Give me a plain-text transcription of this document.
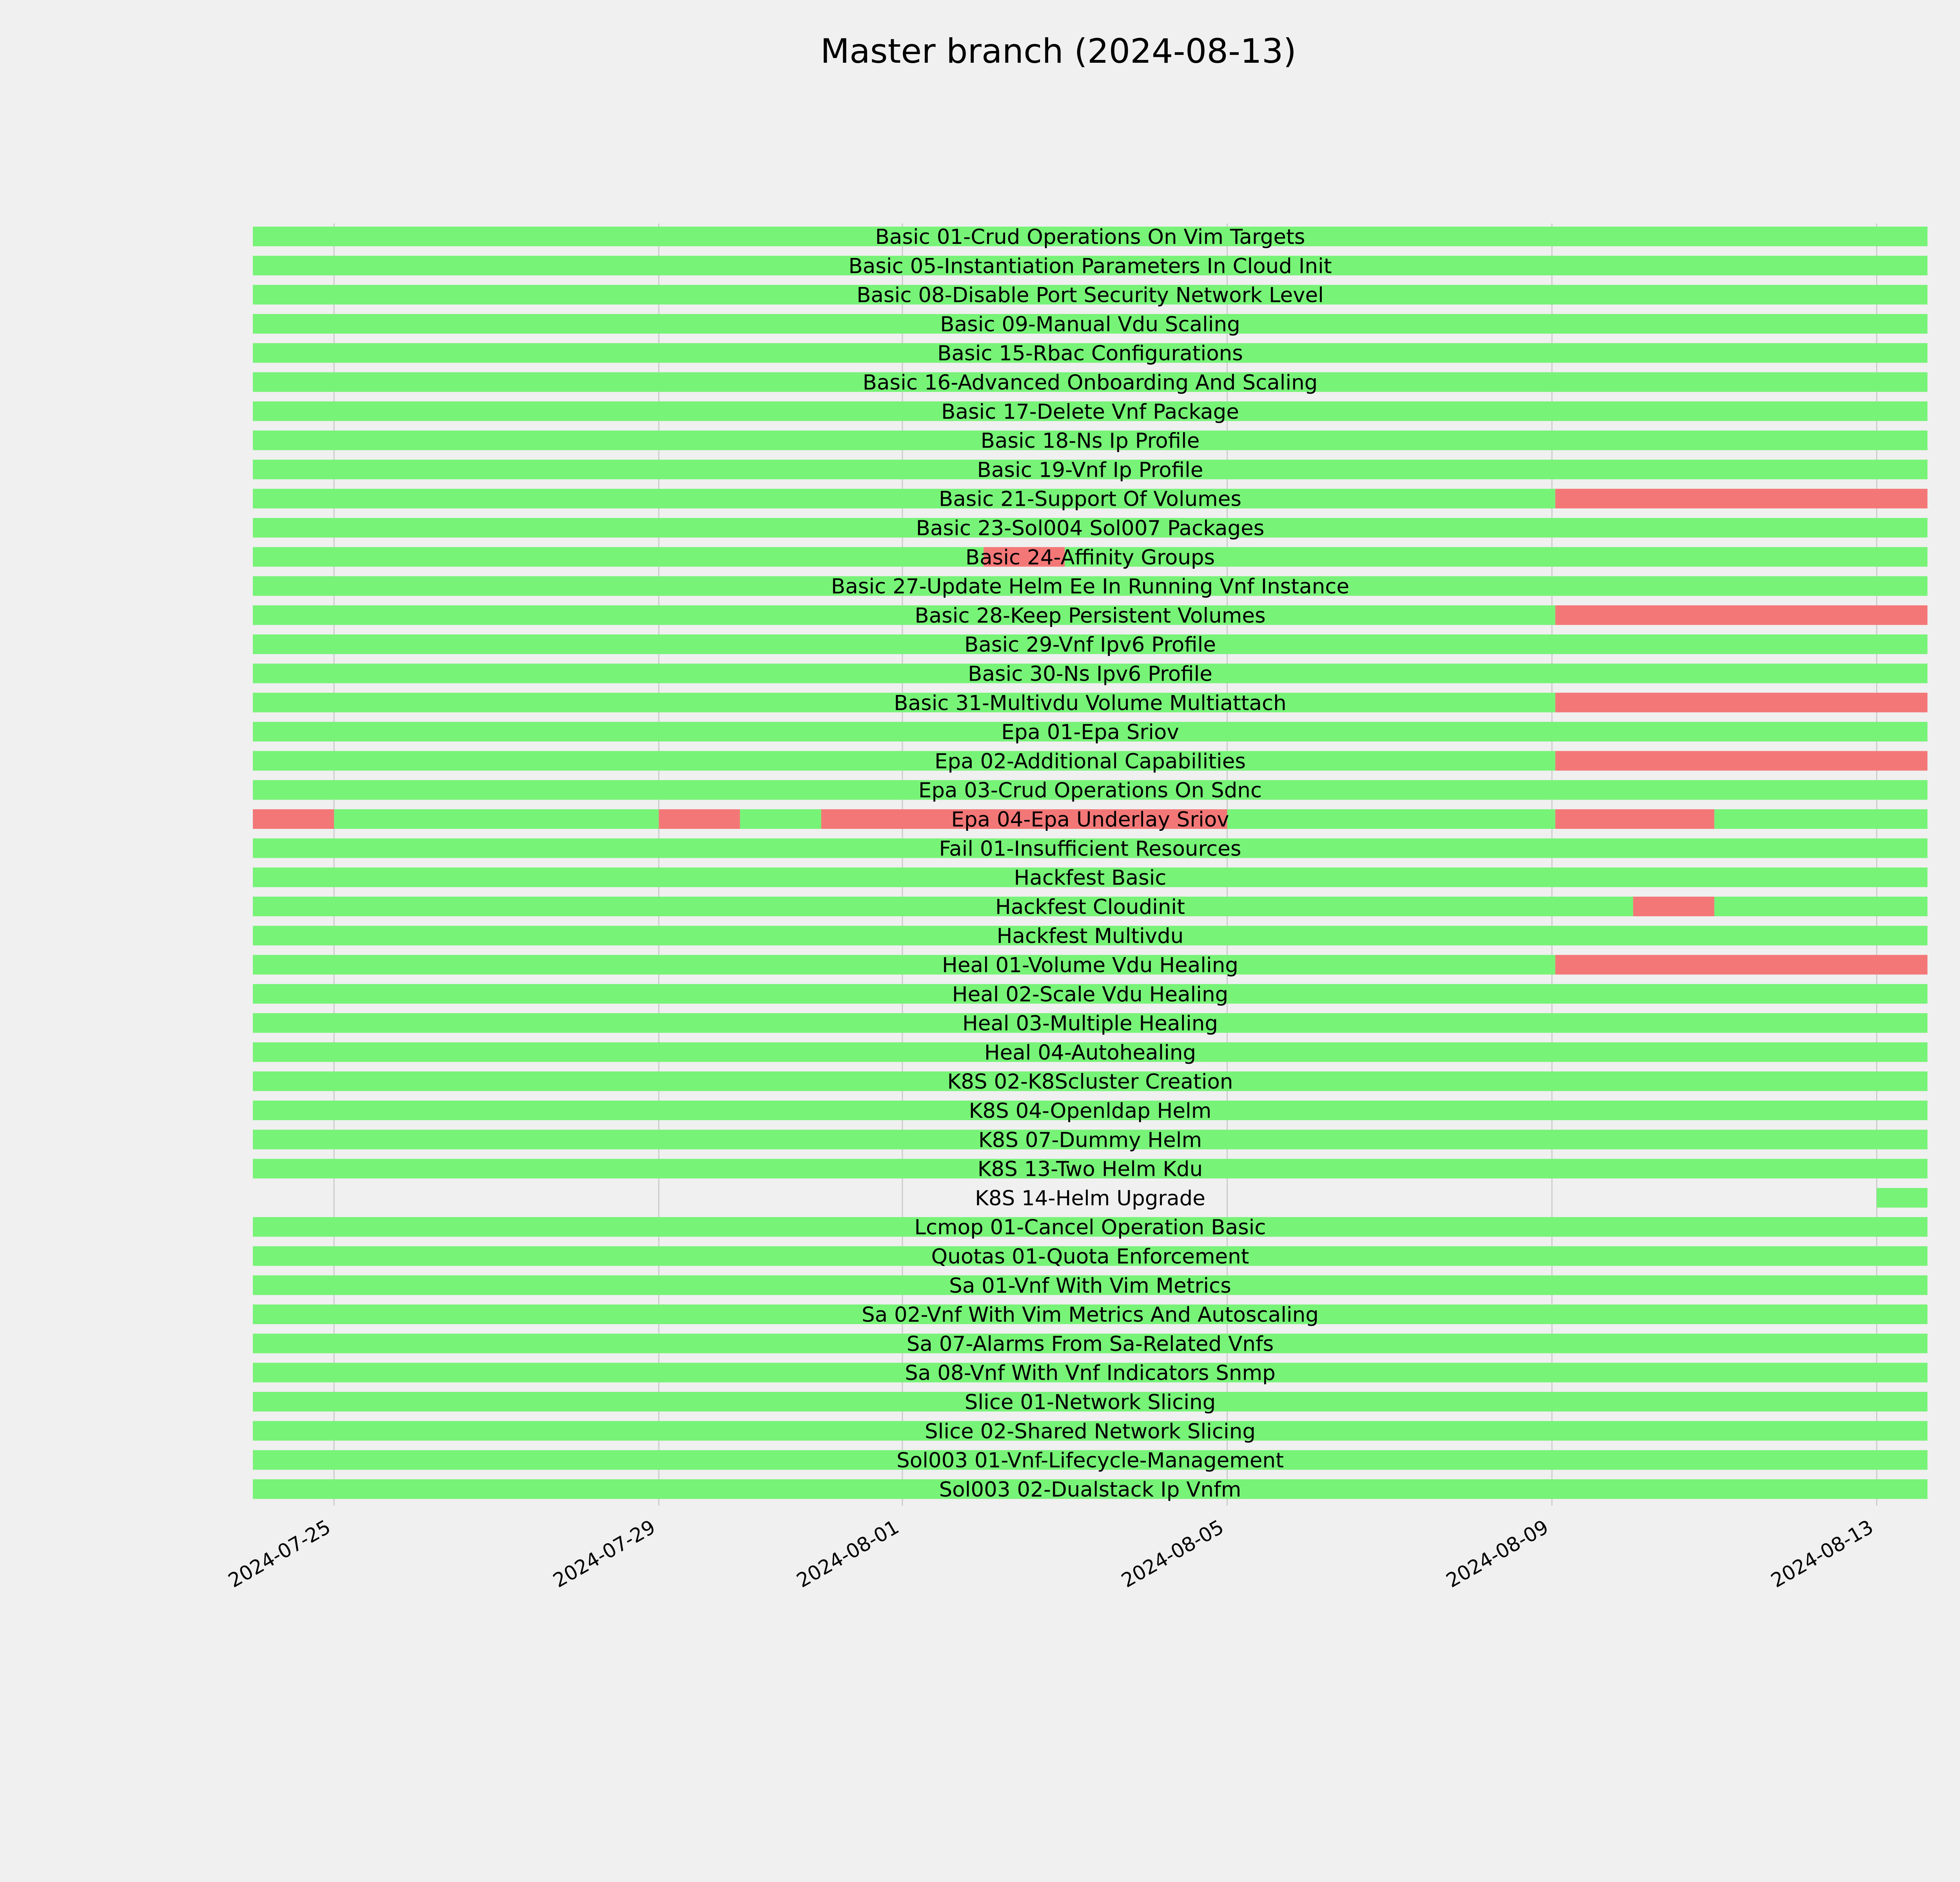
Master branch (2024-08-13)
Basic 01-Crud Operations On Vim Targets
Basic 05-Instantiation Parameters In Cloud Init
Basic 08-Disable Port Security Network Level
Basic 09-Manual Vdu Scaling
Basic 15-Rbac Configurations
Basic 16-Advanced Onboarding And Scaling
Basic 17-Delete Vnf Package
Basic 18-Ns Ip Profile
Basic 19-Vnf Ip Profile
Basic 21-Support Of Volumes
Basic 23-Sol004 Sol007 Packages
Basic 24-Affinity Groups
Basic 27-Update Helm Ee In Running Vnf Instance
Basic 28-Keep Persistent Volumes
Basic 29-Vnf Ipv6 Profile
Basic 30-Ns Ipv6 Profile
Basic 31-Multivdu Volume Multiattach
Epa 01-Epa Sriov
Epa 02-Additional Capabilities
Epa 03-Crud Operations On Sdnc
Epa 04-Epa Underlay Sriov
Fail 01-Insufficient Resources
Hackfest Basic
Hackfest Cloudinit
Hackfest Multivdu
Heal 01-Volume Vdu Healing
Heal 02-Scale Vdu Healing
Heal 03-Multiple Healing
Heal 04-Autohealing
K8S 02-K8Scluster Creation
K8S 04-Openldap Helm
K8S 07-Dummy Helm
K8S 13-Two Helm Kdu
K8S 14-Helm Upgrade
Lcmop 01-Cancel Operation Basic
Quotas 01-Quota Enforcement
Sa 01-Vnf With Vim Metrics
Sa 02-Vnf With Vim Metrics And Autoscaling
Sa 07-Alarms From Sa-Related Vnfs
Sa 08-Vnf With Vnf Indicators Snmp
Slice 01-Network Slicing
Slice 02-Shared Network Slicing
Sol003 01-Vnf-Lifecycle-Management
Sol003 02-Dualstack Ip Vnfm
2024-07-25	2024-07-29	2024-08-01	2024-08-05	2024-08-09	2024-08-13
